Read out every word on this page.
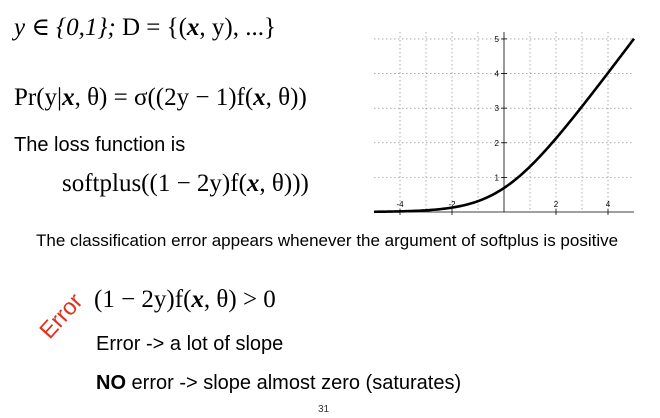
y ∈ {0,1}; D = {(x, y), ...}
Pr(y|x, θ) = σ((2y − 1)f(x, θ))
The loss function is
softplus((1 − 2y)f(x, θ)))
-4	-2	2	4
1
2
3
4
5
The classification error appears whenever the argument of softplus is positive
Error (1 − 2y)f(x, θ) > 0
Error -> a lot of slope
NO error -> slope almost zero (saturates)
31
